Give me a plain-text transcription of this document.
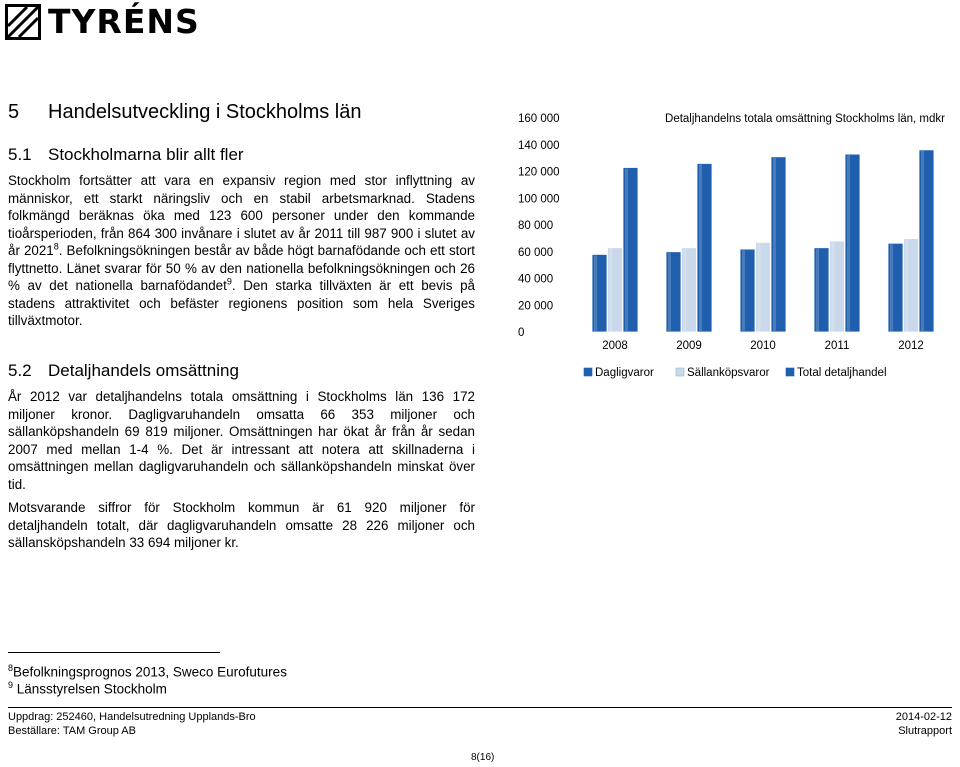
TYRÉNS
5 Handelsutveckling i Stockholms län
5.1 Stockholmarna blir allt fler

Stockholm fortsätter att vara en expansiv region med stor inflyttning av människor, ett starkt näringsliv och en stabil arbetsmarknad. Stadens folkmängd beräknas öka med 123 600 personer under den kommande tioårsperioden, från 864 300 invånare i slutet av år 2011 till 987 900 i slutet av år 2021$^8$. Befolkningsökningen består av både högt barnafödande och ett stort flyttnetto. Länet svarar för 50 % av den nationella befolkningsökningen och 26 % av det nationella barnafödandet$^9$. Den starka tillväxten är ett bevis på stadens attraktivitet och befäster regionens position som hela Sveriges tillväxtmotor.

5.2 Detaljhandels omsättning

År 2012 var detaljhandelns totala omsättning i Stockholms län 136 172 miljoner kronor. Dagligvaruhandeln omsatta 66 353 miljoner och sällanköpshandeln 69 819 miljoner. Omsättningen har ökat år från år sedan 2007 med mellan 1-4 %. Det är intressant att notera att skillnaderna i omsättningen mellan dagligvaruhandeln och sällanköpshandeln minskat över tid.

Motsvarande siffror för Stockholm kommun är 61 920 miljoner för detaljhandeln totalt, där dagligvaruhandeln omsatte 28 226 miljoner och sällansköpshandeln 33 694 miljoner kr.

0
20 000
40 000
60 000
80 000
100 000
120 000
140 000
160 000
2008	2009	2010	2011	2012
Detaljhandelns totala omsättning Stockholms län, mdkr
Dagligvaror	Sällanköpsvaror Total detaljhandel
$^8$Befolkningsprognos 2013, Sweco Eurofutures
$^9$ Länsstyrelsen Stockholm
Uppdrag: 252460, Handelsutredning Upplands-Bro
Beställare: TAM Group AB
2014-02-12
Slutrapport
8(16)
